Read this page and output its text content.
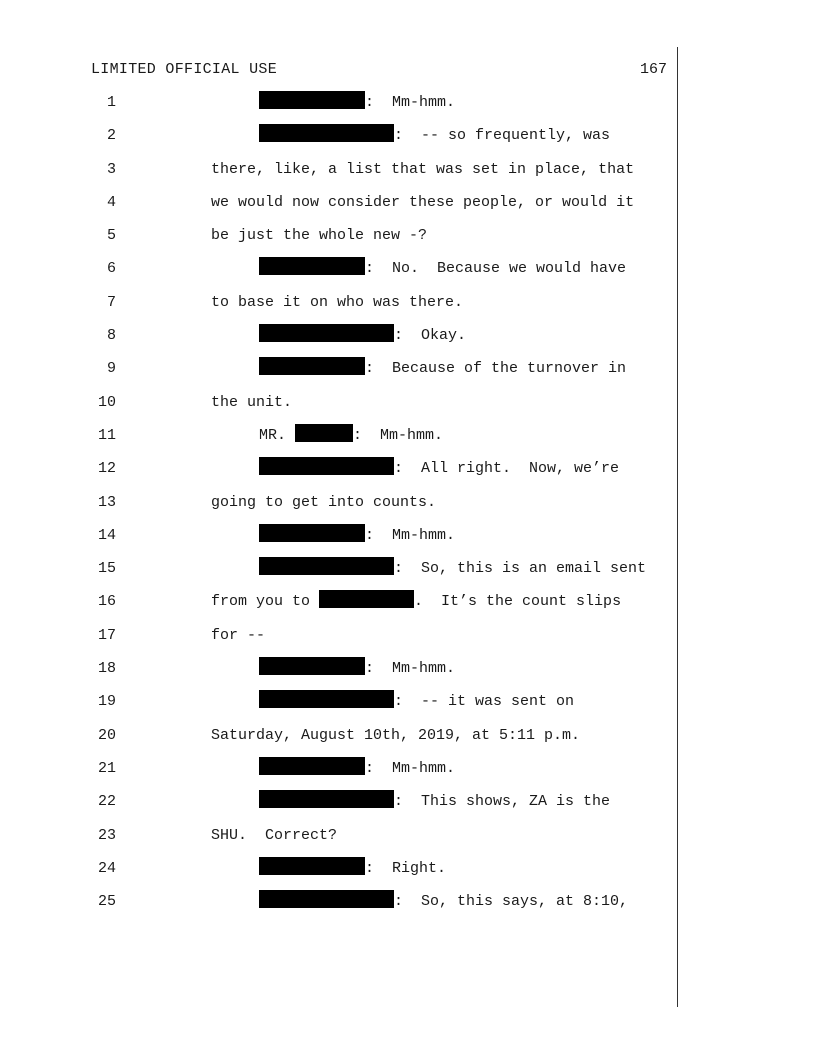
LIMITED OFFICIAL USE	167
1	:  Mm-hmm.
2	:  -- so frequently, was
3	there, like, a list that was set in place, that
4	we would now consider these people, or would it
5	be just the whole new -?
6	:  No.  Because we would have
7	to base it on who was there.
8	:  Okay.
9	:  Because of the turnover in
10	the unit.
11	MR.	:  Mm-hmm.
12	:  All right.  Now, we’re
13	going to get into counts.
14	:  Mm-hmm.
15	:  So, this is an email sent
16	from you to	.  It’s the count slips
17	for --
18	:  Mm-hmm.
19	:  -- it was sent on
20	Saturday, August 10th, 2019, at 5:11 p.m.
21	:  Mm-hmm.
22	:  This shows, ZA is the
23	SHU.  Correct?
24	:  Right.
25	:  So, this says, at 8:10,
